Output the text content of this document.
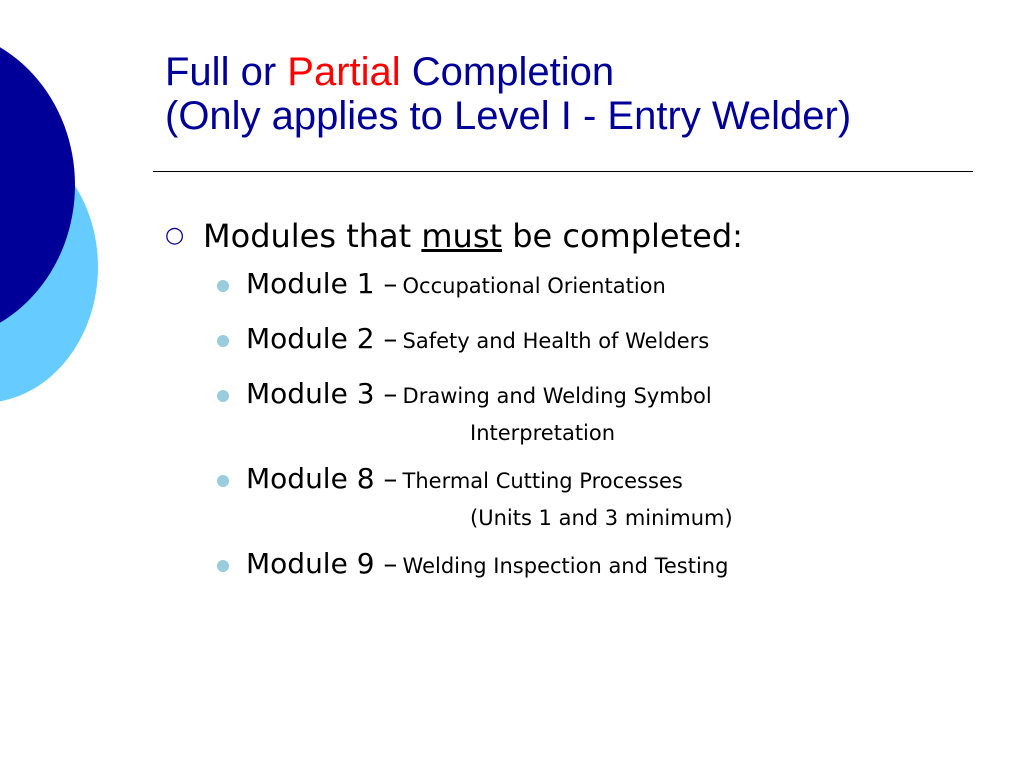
Full or Partial Completion
(Only applies to Level I - Entry Welder)
○ Modules that must be completed:
Module 1 – Occupational Orientation
Module 2 – Safety and Health of Welders
Module 3 – Drawing and Welding Symbol
Interpretation
Module 8 – Thermal Cutting Processes
(Units 1 and 3 minimum)
Module 9 – Welding Inspection and Testing
